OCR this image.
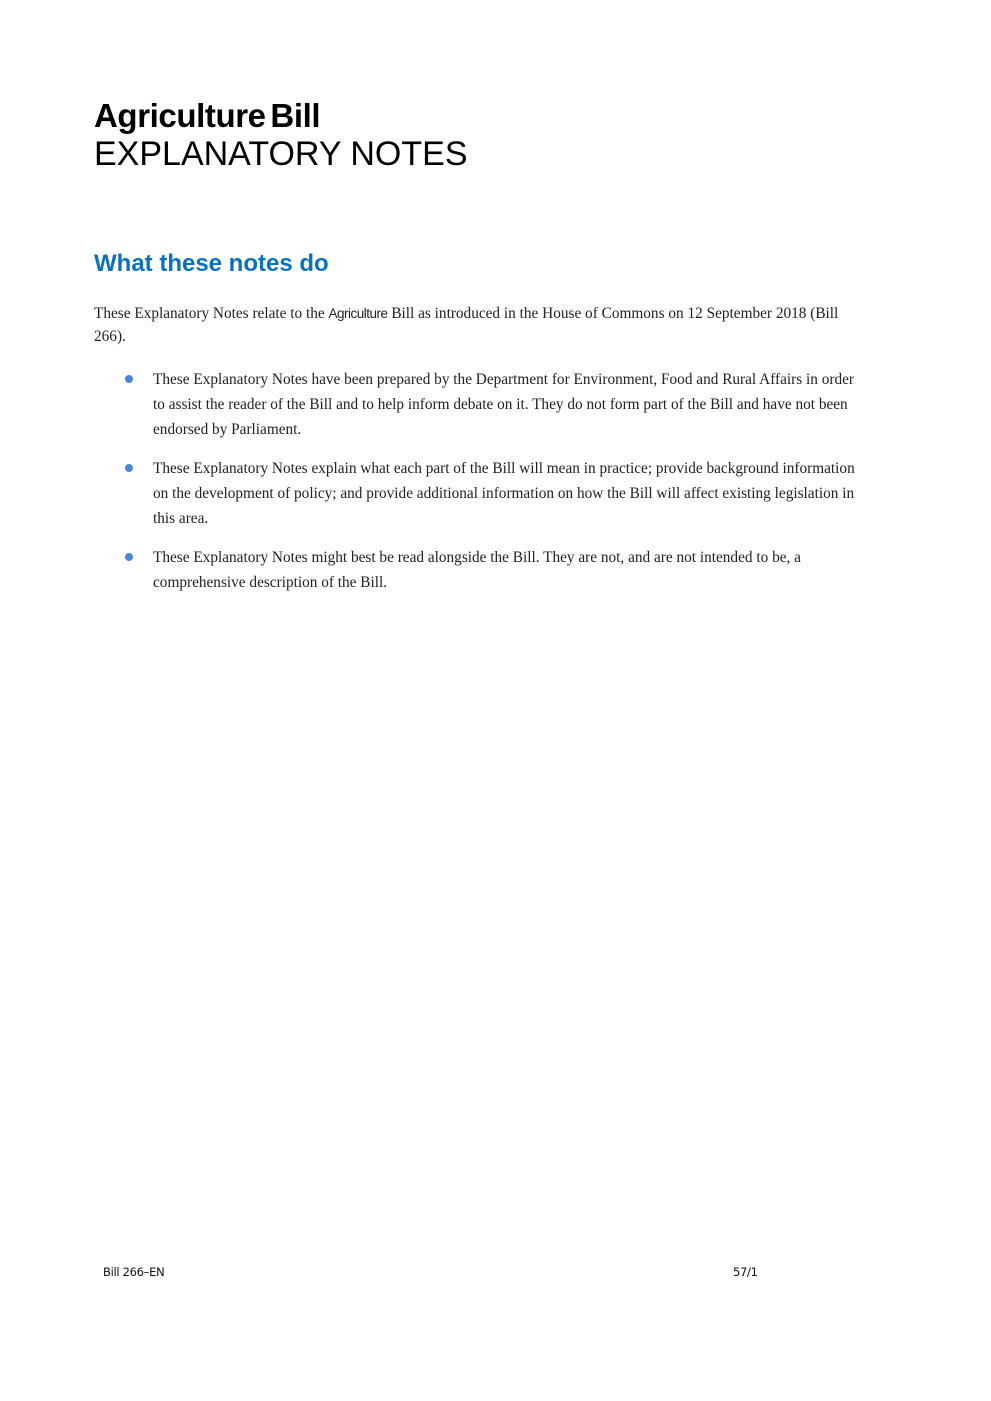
Agriculture Bill
EXPLANATORY NOTES
What these notes do

These Explanatory Notes relate to the Agriculture Bill as introduced in the House of Commons on 12 September 2018 (Bill 266).

These Explanatory Notes have been prepared by the Department for Environment, Food and Rural Affairs in order to assist the reader of the Bill and to help inform debate on it. They do not form part of the Bill and have not been endorsed by Parliament.
These Explanatory Notes explain what each part of the Bill will mean in practice; provide background information on the development of policy; and provide additional information on how the Bill will affect existing legislation in this area.
These Explanatory Notes might best be read alongside the Bill. They are not, and are not intended to be, a comprehensive description of the Bill.
Bill 266–EN	57/1
